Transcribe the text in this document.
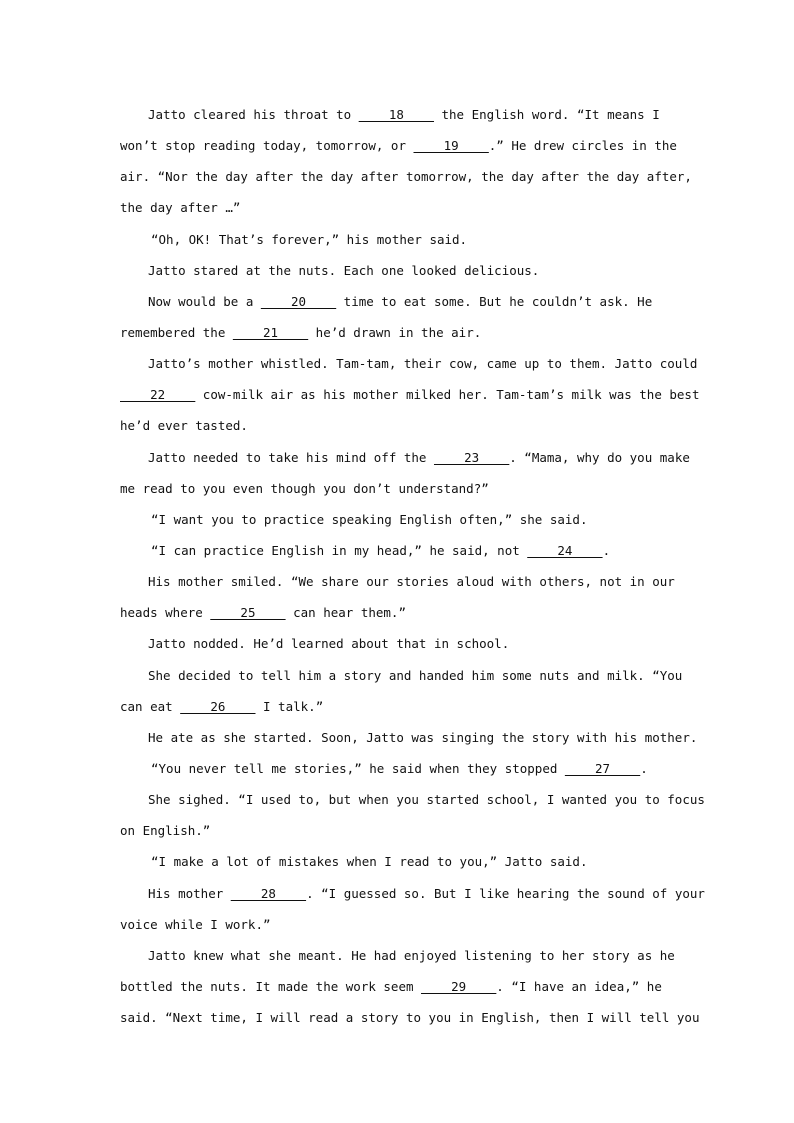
Jatto cleared his throat to ____18____ the English word. “It means I
won’t stop reading today, tomorrow, or ____19____.” He drew circles in the
air. “Nor the day after the day after tomorrow, the day after the day after,
the day after …”
“Oh, OK! That’s forever,” his mother said.
Jatto stared at the nuts. Each one looked delicious.
Now would be a ____20____ time to eat some. But he couldn’t ask. He
remembered the ____21____ he’d drawn in the air.
Jatto’s mother whistled. Tam-tam, their cow, came up to them. Jatto could
____22____ cow-milk air as his mother milked her. Tam-tam’s milk was the best
he’d ever tasted.
Jatto needed to take his mind off the ____23____. “Mama, why do you make
me read to you even though you don’t understand?”
“I want you to practice speaking English often,” she said.
“I can practice English in my head,” he said, not ____24____.
His mother smiled. “We share our stories aloud with others, not in our
heads where ____25____ can hear them.”
Jatto nodded. He’d learned about that in school.
She decided to tell him a story and handed him some nuts and milk. “You
can eat ____26____ I talk.”
He ate as she started. Soon, Jatto was singing the story with his mother.
“You never tell me stories,” he said when they stopped ____27____.
She sighed. “I used to, but when you started school, I wanted you to focus
on English.”
“I make a lot of mistakes when I read to you,” Jatto said.
His mother ____28____. “I guessed so. But I like hearing the sound of your
voice while I work.”
Jatto knew what she meant. He had enjoyed listening to her story as he
bottled the nuts. It made the work seem ____29____. “I have an idea,” he
said. “Next time, I will read a story to you in English, then I will tell you
